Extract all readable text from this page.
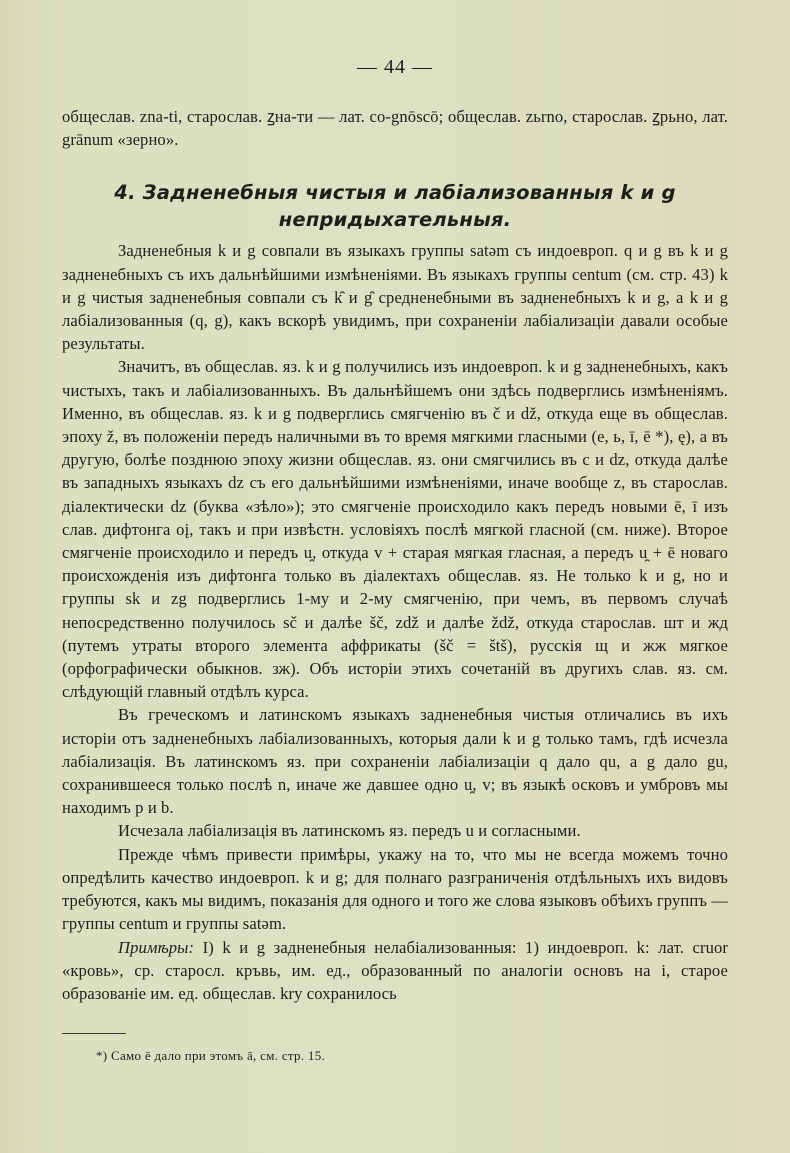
— 44 —

общеслав. zna-ti, старослав. ꙁна-ти — лат. co-gnōscō; общеслав. zьrno, старослав. ꙁрьно, лат. grānum «зерно».

4. Задненебныя чистыя и лабіализованныя k и g непридыхательныя.

Задненебныя k и g совпали въ языкахъ группы satəm съ индоевроп. q и g въ k и g задненебныхъ съ ихъ дальнѣйшими измѣненіями. Въ языкахъ группы centum (см. стр. 43) k и g чистыя задненебныя совпали съ k̑ и g̑ средненебными въ задненебныхъ k и g, а k и g лабіализованныя (q, g), какъ вскорѣ увидимъ, при сохраненіи лабіализаціи давали особые результаты.

Значитъ, въ общеслав. яз. k и g получились изъ индоевроп. k и g задненебныхъ, какъ чистыхъ, такъ и лабіализованныхъ. Въ дальнѣйшемъ они здѣсь подверглись измѣненіямъ. Именно, въ общеслав. яз. k и g подверглись смягченію въ č и dž, откуда еще въ общеслав. эпоху ž, въ положеніи передъ наличными въ то время мягкими гласными (e, ь, ī, ē *), ę), а въ другую, болѣе позднюю эпоху жизни общеслав. яз. они смягчились въ c и dz, откуда далѣе въ западныхъ языкахъ dz съ его дальнѣйшими измѣненіями, иначе вообще z, въ старослав. діалектически dz (буква «зѣло»); это смягченіе происходило какъ передъ новыми ē, ī изъ слав. дифтонга oį, такъ и при извѣстн. условіяхъ послѣ мягкой гласной (см. ниже). Второе смягченіе происходило и передъ u̯, откуда v + старая мягкая гласная, а передъ u̯ + ē новаго происхожденія изъ дифтонга только въ діалектахъ общеслав. яз. Не только k и g, но и группы sk и zg подверглись 1-му и 2-му смягченію, при чемъ, въ первомъ случаѣ непосредственно получилось sč и далѣе šč, zdž и далѣе ždž, откуда старослав. шт и жд (путемъ утраты второго элемента аффрикаты (šč = štš), русскія щ и жж мягкое (орфографически обыкнов. зж). Объ исторіи этихъ сочетаній въ другихъ слав. яз. см. слѣдующій главный отдѣлъ курса.

Въ греческомъ и латинскомъ языкахъ задненебныя чистыя отличались въ ихъ исторіи отъ задненебныхъ лабіализованныхъ, которыя дали k и g только тамъ, гдѣ исчезла лабіализація. Въ латинскомъ яз. при сохраненіи лабіализаціи q дало qu, а g дало gu, сохранившееся только послѣ n, иначе же давшее одно u̯, v; въ языкѣ осковъ и умбровъ мы находимъ p и b.

Исчезала лабіализація въ латинскомъ яз. передъ u и согласными.

Прежде чѣмъ привести примѣры, укажу на то, что мы не всегда можемъ точно опредѣлить качество индоевроп. k и g; для полнаго разграниченія отдѣльныхъ ихъ видовъ требуются, какъ мы видимъ, показанія для одного и того же слова языковъ обѣихъ группъ — группы centum и группы satəm.

Примѣры: I) k и g задненебныя нелабіализованныя: 1) индоевроп. k: лат. cruor «кровь», ср. старосл. кръвь, им. ед., образованный по аналогіи основъ на i, старое образованіе им. ед. общеслав. kry сохранилось

*) Само ē дало при этомъ ā, см. стр. 15.
